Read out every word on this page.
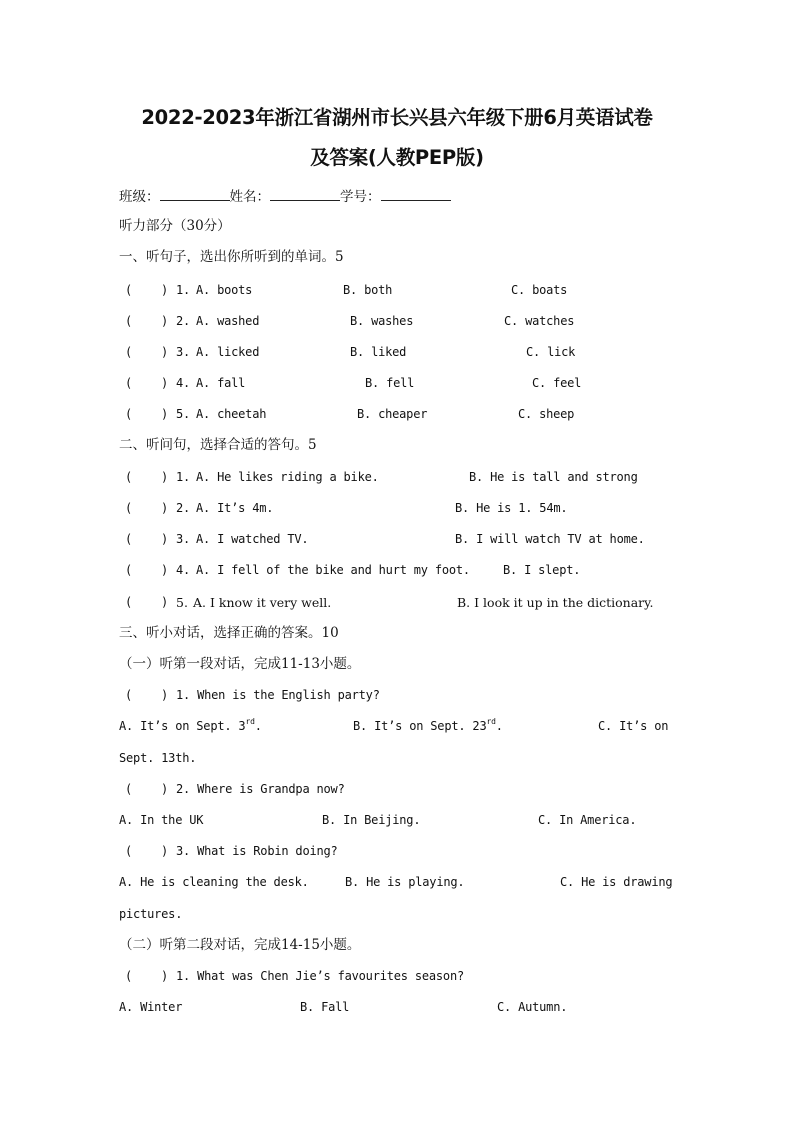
2022-2023年浙江省湖州市长兴县六年级下册6月英语试卷
及答案(人教PEP版)
班级：	姓名：	学号：
听力部分（30分）
一、听句子，选出你所听到的单词。5
( ) 1. A. boots	B. both	C. boats
( ) 2. A. washed	B. washes	C. watches
( ) 3. A. licked	B. liked	C. lick
( ) 4. A. fall	B. fell	C. feel
( ) 5. A. cheetah	B. cheaper	C. sheep
二、听问句，选择合适的答句。5
( ) 1. A. He likes riding a bike.	B. He is tall and strong
( ) 2. A. It’s 4m.	B. He is 1. 54m.
( ) 3. A. I watched TV.	B. I will watch TV at home.
( ) 4. A. I fell of the bike and hurt my foot.	B. I slept.
( ) 5. A. I know it very well.	B. I look it up in the dictionary.
三、听小对话，选择正确的答案。10
（一）听第一段对话，完成11-13小题。
( ) 1. When is the English party?
A. It’s on Sept. 3rd.	B. It’s on Sept. 23rd.	C. It’s on
Sept. 13th.
( ) 2. Where is Grandpa now?
A. In the UK	B. In Beijing.	C. In America.
( ) 3. What is Robin doing?
A. He is cleaning the desk.	B. He is playing.	C. He is drawing
pictures.
（二）听第二段对话，完成14-15小题。
( ) 1. What was Chen Jie’s favourites season?
A. Winter	B. Fall	C. Autumn.
